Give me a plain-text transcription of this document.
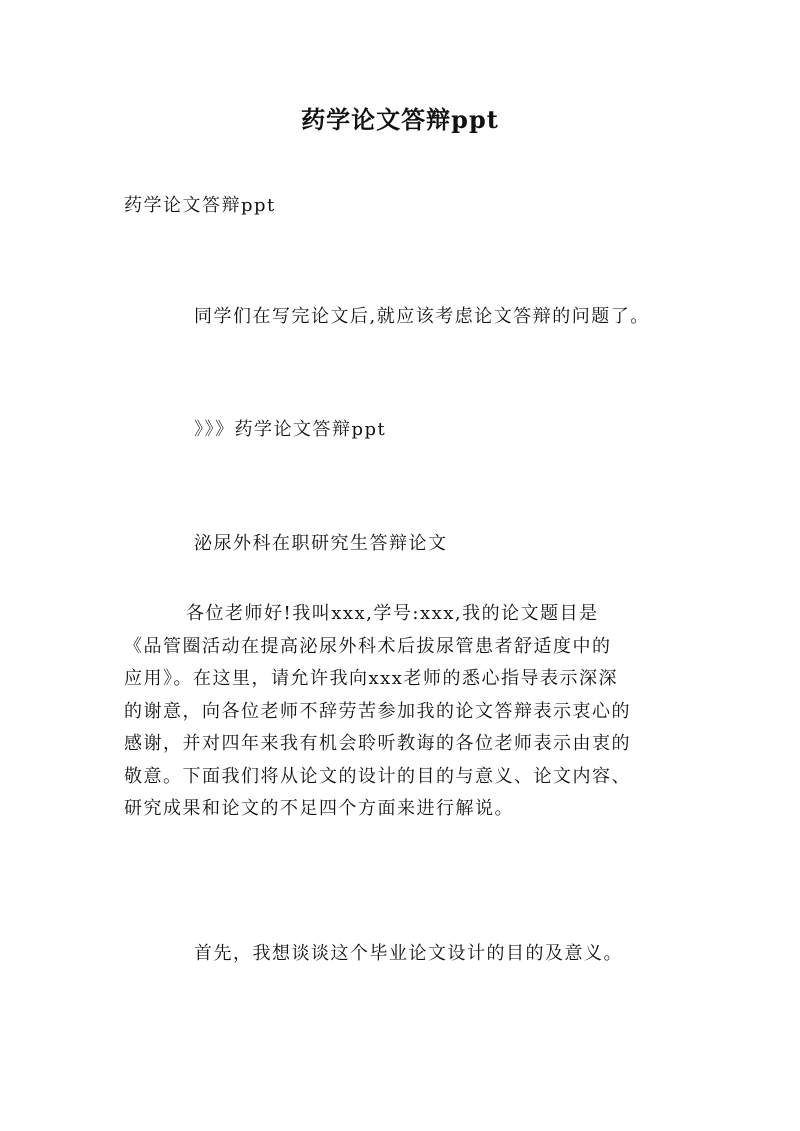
药学论文答辩ppt
药学论文答辩ppt
同学们在写完论文后,就应该考虑论文答辩的问题了。
》》》药学论文答辩ppt
泌尿外科在职研究生答辩论文
各位老师好!我叫xxx,学号:xxx,我的论文题目是
《品管圈活动在提高泌尿外科术后拔尿管患者舒适度中的
应用》。在这里，请允许我向xxx老师的悉心指导表示深深
的谢意，向各位老师不辞劳苦参加我的论文答辩表示衷心的
感谢，并对四年来我有机会聆听教诲的各位老师表示由衷的
敬意。下面我们将从论文的设计的目的与意义、论文内容、
研究成果和论文的不足四个方面来进行解说。
首先，我想谈谈这个毕业论文设计的目的及意义。
